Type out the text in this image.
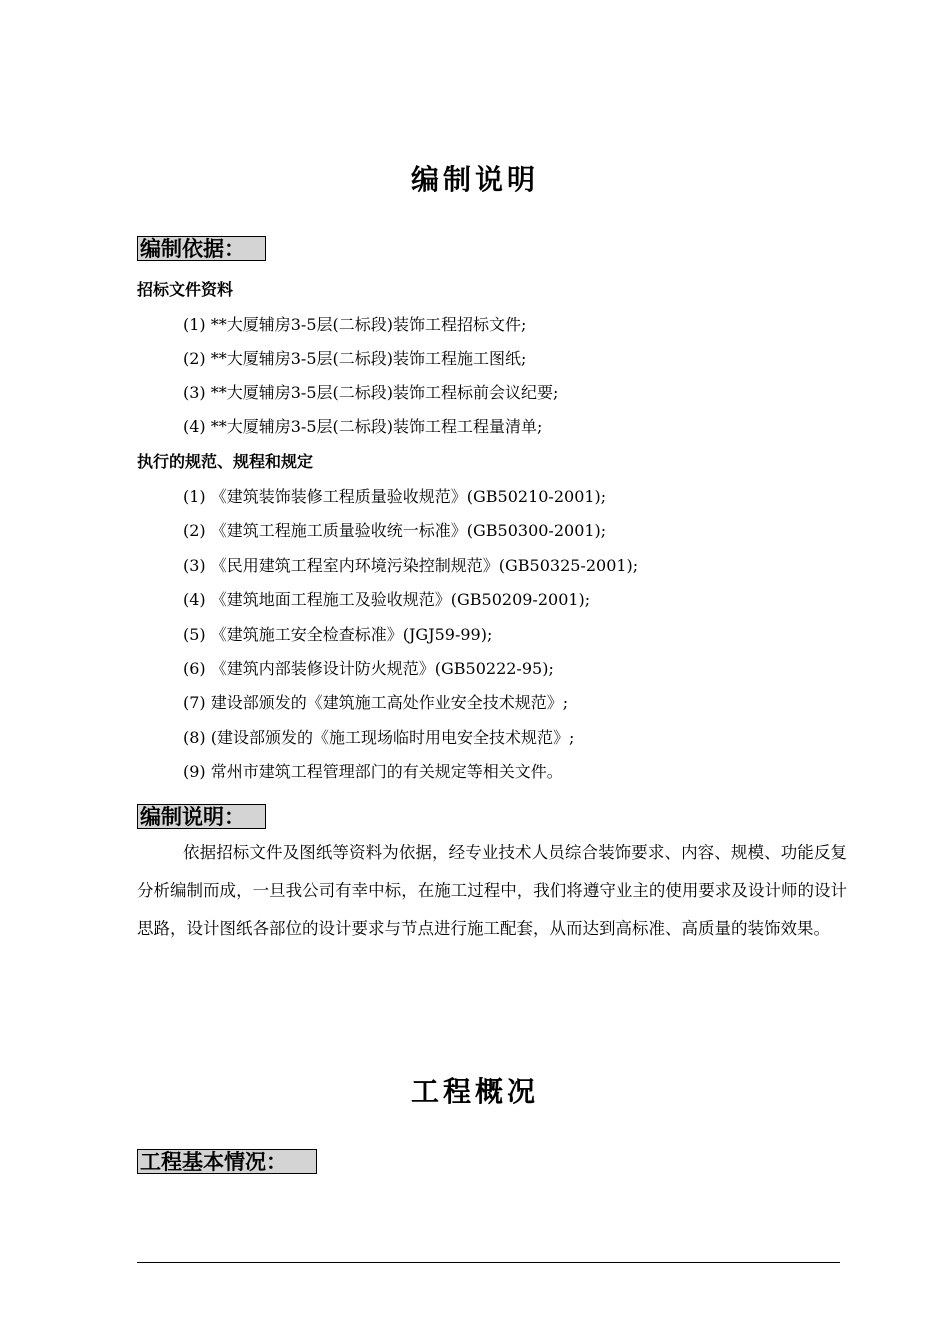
编制说明
编制依据：
招标文件资料
(1) **大厦辅房3-5层(二标段)装饰工程招标文件;
(2) **大厦辅房3-5层(二标段)装饰工程施工图纸;
(3) **大厦辅房3-5层(二标段)装饰工程标前会议纪要;
(4) **大厦辅房3-5层(二标段)装饰工程工程量清单;
执行的规范、规程和规定
(1) 《建筑装饰装修工程质量验收规范》(GB50210-2001);
(2) 《建筑工程施工质量验收统一标准》(GB50300-2001);
(3) 《民用建筑工程室内环境污染控制规范》(GB50325-2001);
(4) 《建筑地面工程施工及验收规范》(GB50209-2001);
(5) 《建筑施工安全检查标准》(JGJ59-99);
(6) 《建筑内部装修设计防火规范》(GB50222-95);
(7) 建设部颁发的《建筑施工高处作业安全技术规范》;
(8) (建设部颁发的《施工现场临时用电安全技术规范》;
(9) 常州市建筑工程管理部门的有关规定等相关文件。
编制说明：
依据招标文件及图纸等资料为依据，经专业技术人员综合装饰要求、内容、规模、功能反复分析编制而成，一旦我公司有幸中标，在施工过程中，我们将遵守业主的使用要求及设计师的设计思路，设计图纸各部位的设计要求与节点进行施工配套，从而达到高标准、高质量的装饰效果。
工程概况
工程基本情况：
